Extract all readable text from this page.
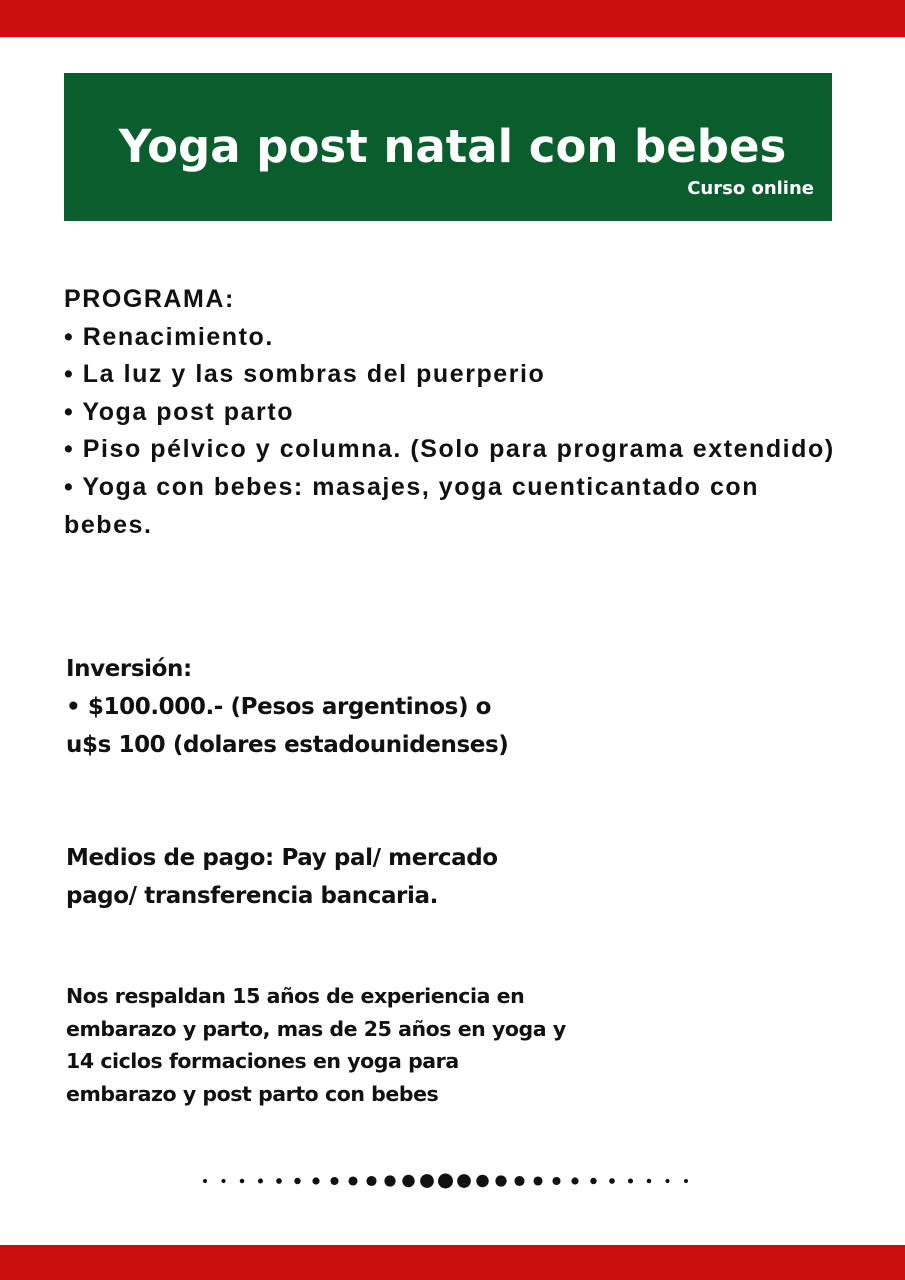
Yoga post natal con bebes
Curso online
PROGRAMA:
• Renacimiento.
• La luz y las sombras del puerperio
• Yoga post parto
• Piso pélvico y columna. (Solo para programa extendido)
• Yoga con bebes: masajes, yoga cuenticantado con bebes.
Inversión:
• $100.000.- (Pesos argentinos) o
u$s 100 (dolares estadounidenses)
Medios de pago: Pay pal/ mercado
pago/ transferencia bancaria.
Nos respaldan 15 años de experiencia en
embarazo y parto, mas de 25 años en yoga y
14 ciclos formaciones en yoga para
embarazo y post parto con bebes
